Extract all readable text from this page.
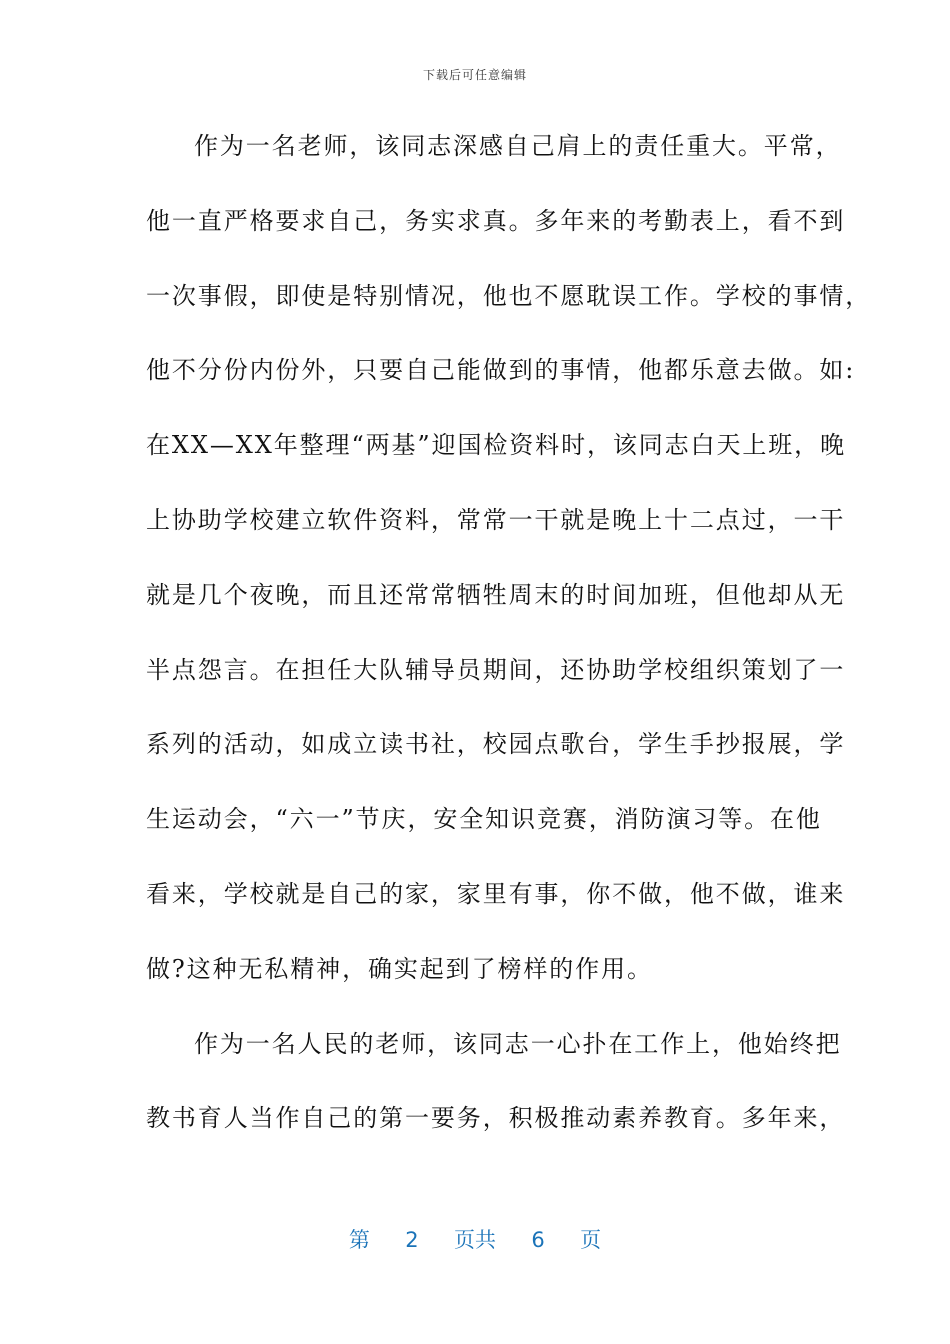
下载后可任意编辑
作为一名老师，该同志深感自己肩上的责任重大。平常，
他一直严格要求自己，务实求真。多年来的考勤表上，看不到
一次事假，即使是特别情况，他也不愿耽误工作。学校的事情，
他不分份内份外，只要自己能做到的事情，他都乐意去做。如:
在XX—XX年整理“两基”迎国检资料时，该同志白天上班，晚
上协助学校建立软件资料，常常一干就是晚上十二点过，一干
就是几个夜晚，而且还常常牺牲周末的时间加班，但他却从无
半点怨言。在担任大队辅导员期间，还协助学校组织策划了一
系列的活动，如成立读书社，校园点歌台，学生手抄报展，学
生运动会，“六一”节庆，安全知识竞赛，消防演习等。在他
看来，学校就是自己的家，家里有事，你不做，他不做，谁来
做?这种无私精神，确实起到了榜样的作用。
作为一名人民的老师，该同志一心扑在工作上，他始终把
教书育人当作自己的第一要务，积极推动素养教育。多年来，
第 2 页共 6 页
